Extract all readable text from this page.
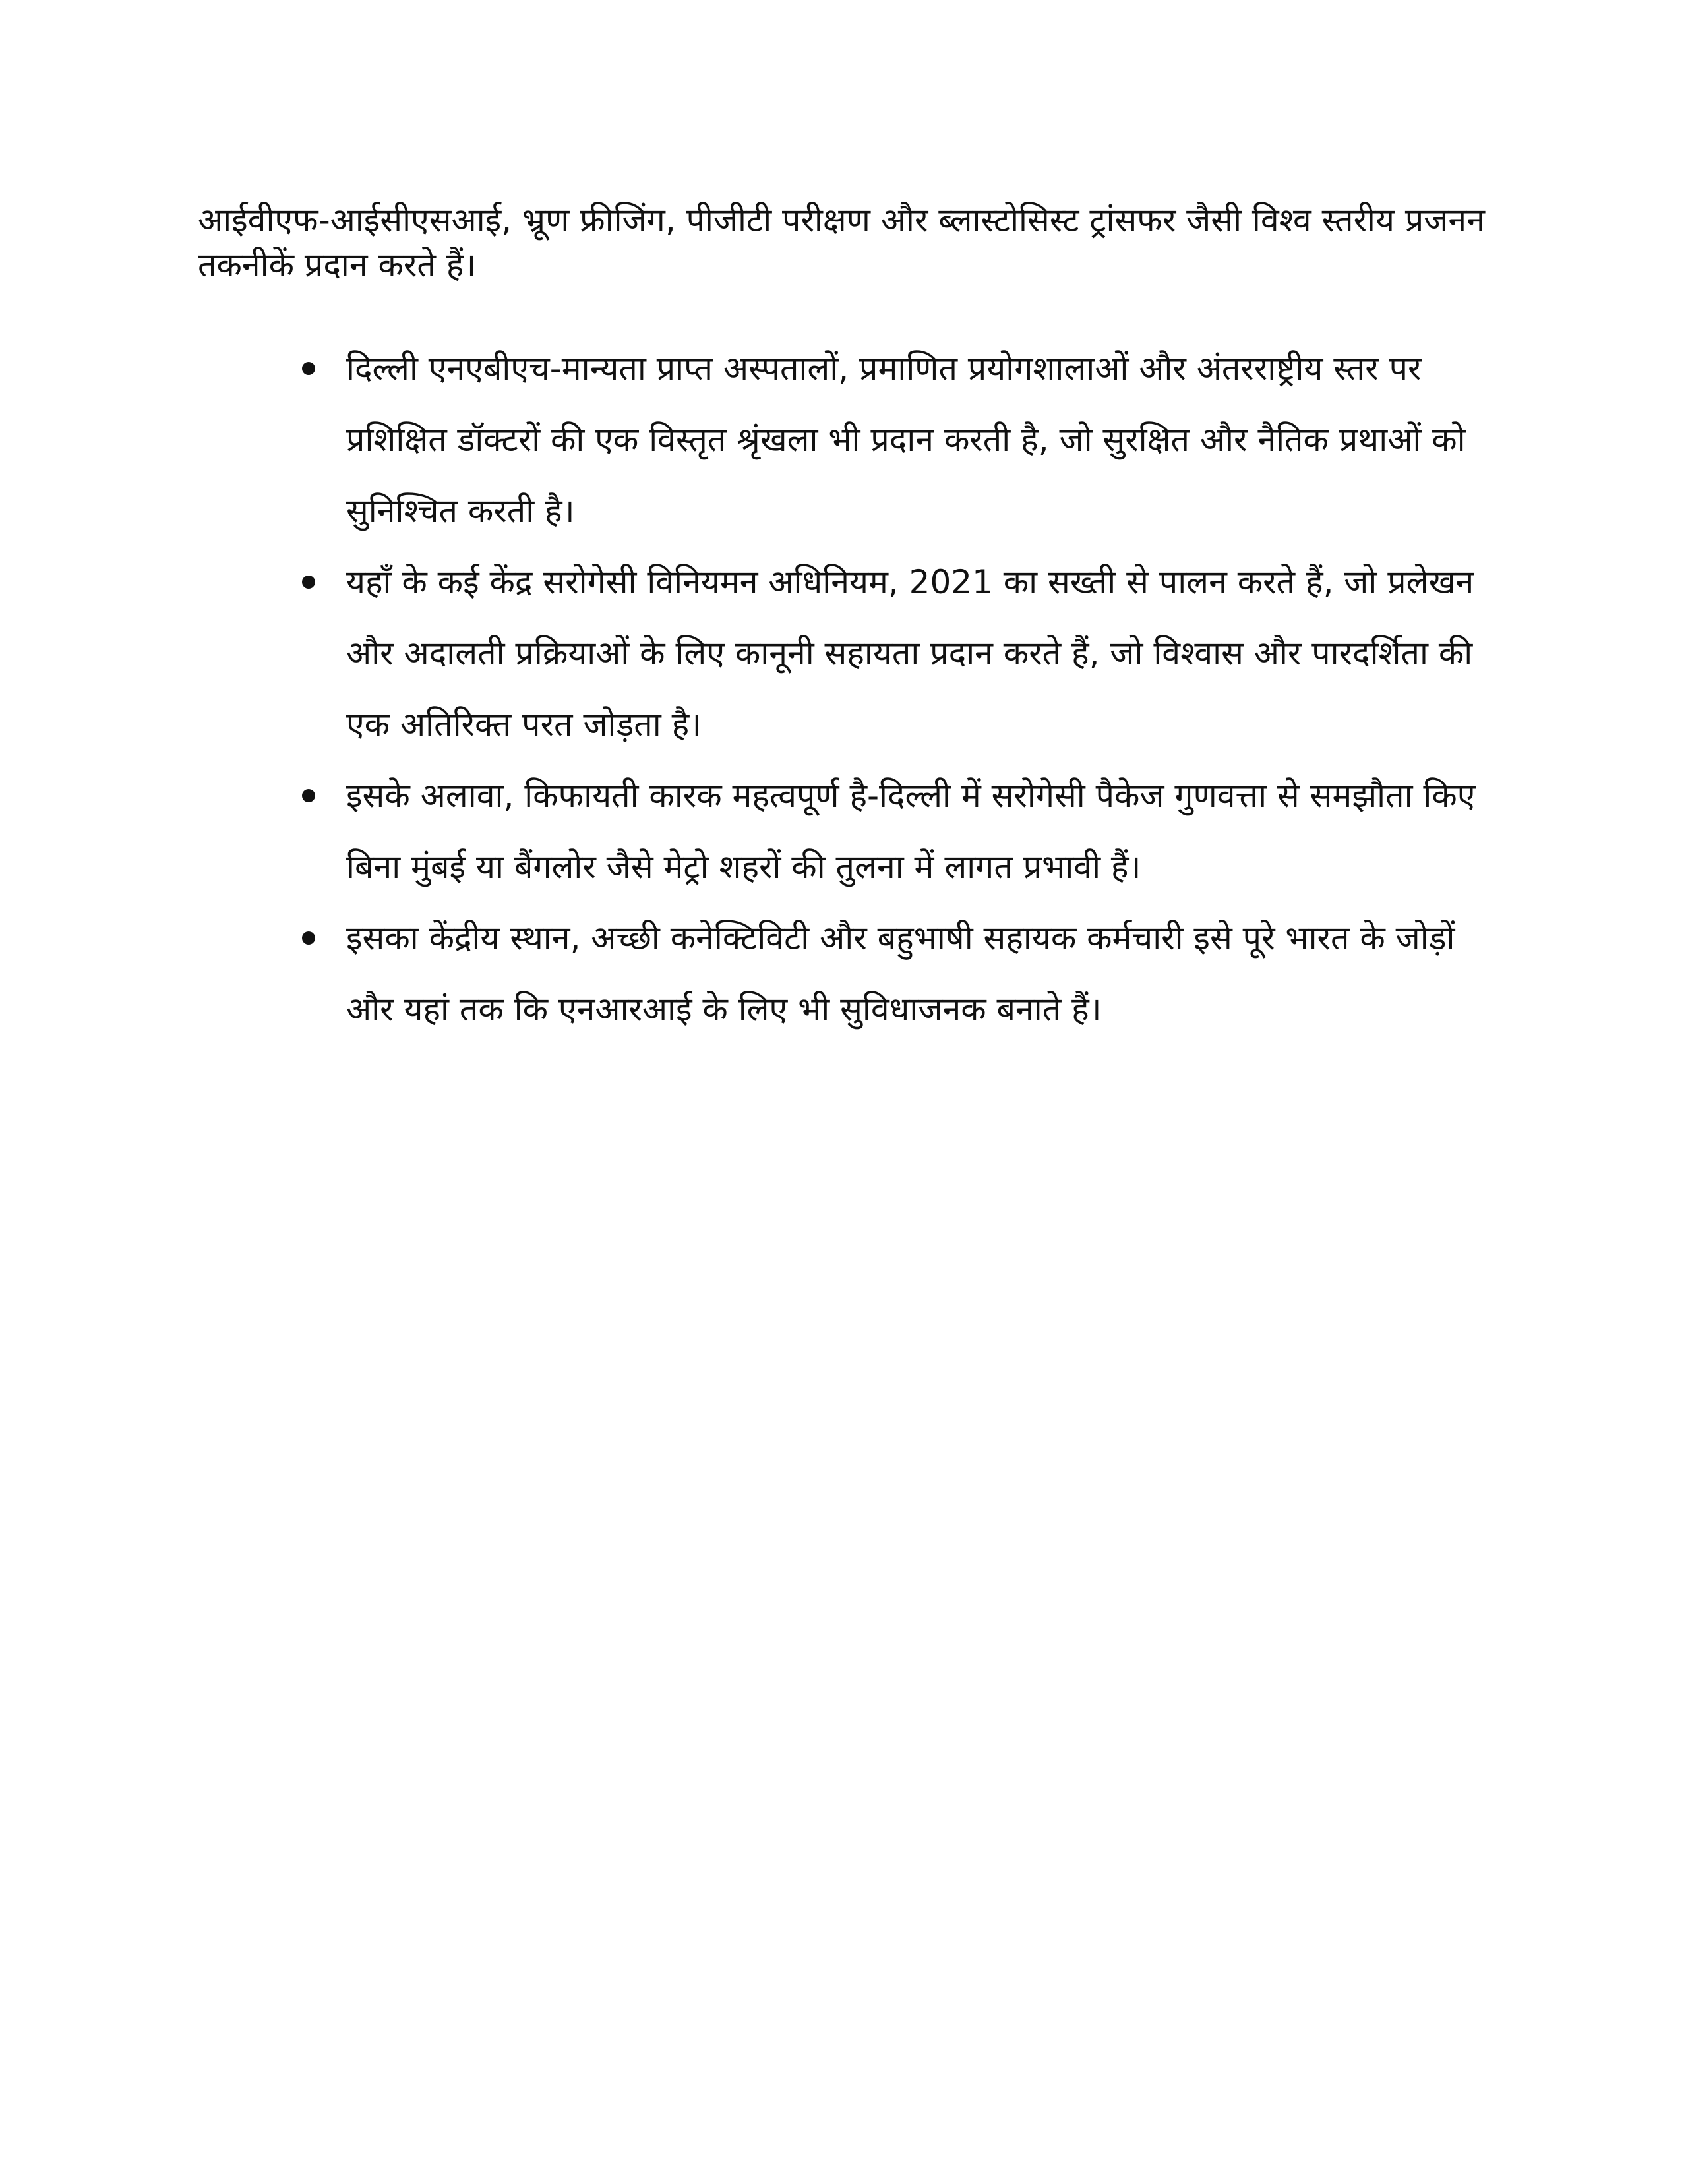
आईवीएफ-आईसीएसआई, भ्रूण फ्रीजिंग, पीजीटी परीक्षण और ब्लास्टोसिस्ट ट्रांसफर जैसी विश्व स्तरीय प्रजनन तकनीकें प्रदान करते हैं।

दिल्ली एनएबीएच-मान्यता प्राप्त अस्पतालों, प्रमाणित प्रयोगशालाओं और अंतरराष्ट्रीय स्तर पर प्रशिक्षित डॉक्टरों की एक विस्तृत श्रृंखला भी प्रदान करती है, जो सुरक्षित और नैतिक प्रथाओं को सुनिश्चित करती है।
यहाँ के कई केंद्र सरोगेसी विनियमन अधिनियम, 2021 का सख्ती से पालन करते हैं, जो प्रलेखन और अदालती प्रक्रियाओं के लिए कानूनी सहायता प्रदान करते हैं, जो विश्वास और पारदर्शिता की एक अतिरिक्त परत जोड़ता है।
इसके अलावा, किफायती कारक महत्वपूर्ण है-दिल्ली में सरोगेसी पैकेज गुणवत्ता से समझौता किए बिना मुंबई या बैंगलोर जैसे मेट्रो शहरों की तुलना में लागत प्रभावी हैं।
इसका केंद्रीय स्थान, अच्छी कनेक्टिविटी और बहुभाषी सहायक कर्मचारी इसे पूरे भारत के जोड़ों और यहां तक कि एनआरआई के लिए भी सुविधाजनक बनाते हैं।
